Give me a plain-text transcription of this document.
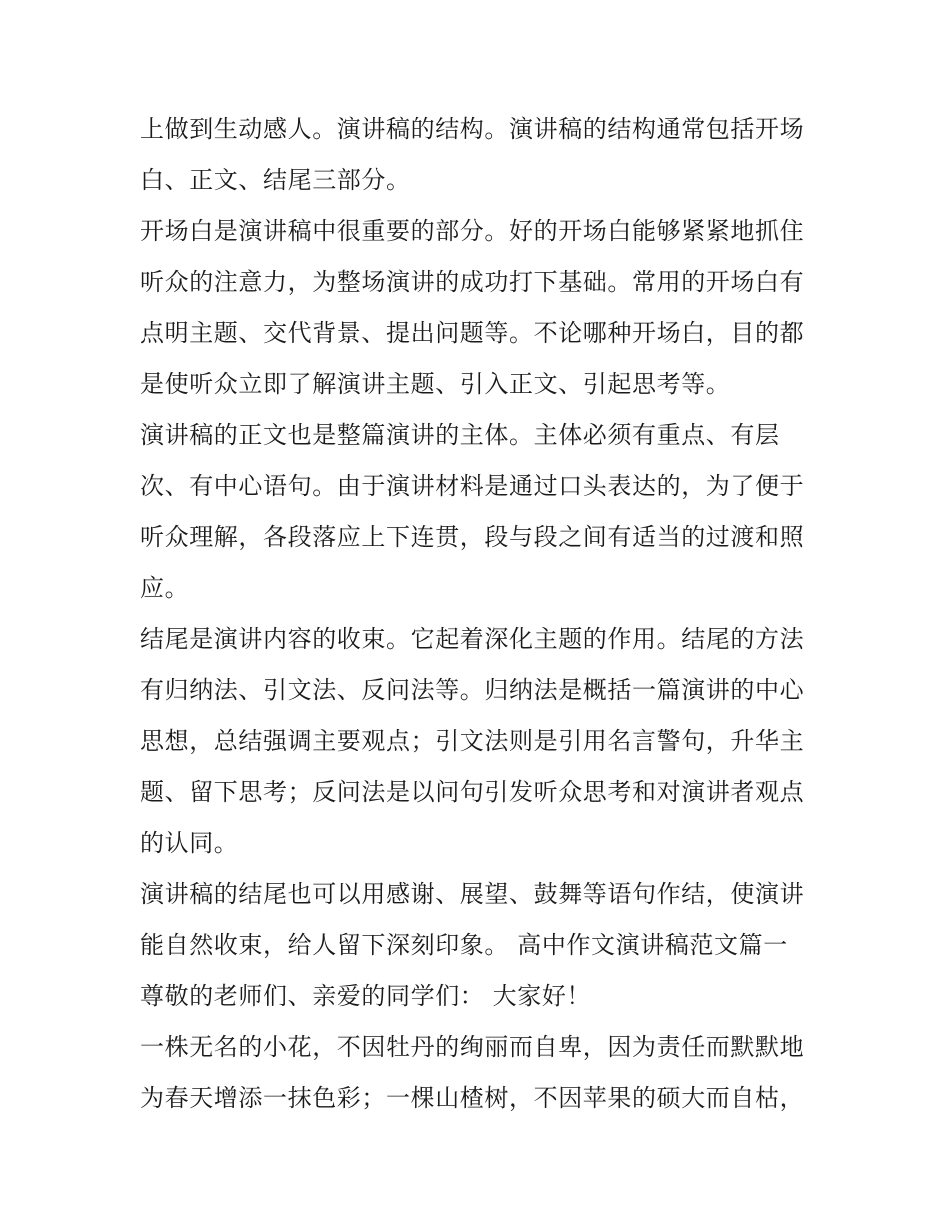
上做到生动感人。演讲稿的结构。演讲稿的结构通常包括开场
白、正文、结尾三部分。
开场白是演讲稿中很重要的部分。好的开场白能够紧紧地抓住
听众的注意力，为整场演讲的成功打下基础。常用的开场白有
点明主题、交代背景、提出问题等。不论哪种开场白，目的都
是使听众立即了解演讲主题、引入正文、引起思考等。
演讲稿的正文也是整篇演讲的主体。主体必须有重点、有层
次、有中心语句。由于演讲材料是通过口头表达的，为了便于
听众理解，各段落应上下连贯，段与段之间有适当的过渡和照
应。
结尾是演讲内容的收束。它起着深化主题的作用。结尾的方法
有归纳法、引文法、反问法等。归纳法是概括一篇演讲的中心
思想，总结强调主要观点；引文法则是引用名言警句，升华主
题、留下思考；反问法是以问句引发听众思考和对演讲者观点
的认同。
演讲稿的结尾也可以用感谢、展望、鼓舞等语句作结，使演讲
能自然收束，给人留下深刻印象。 高中作文演讲稿范文篇一
尊敬的老师们、亲爱的同学们： 大家好！
一株无名的小花，不因牡丹的绚丽而自卑，因为责任而默默地
为春天增添一抹色彩；一棵山楂树，不因苹果的硕大而自枯，
